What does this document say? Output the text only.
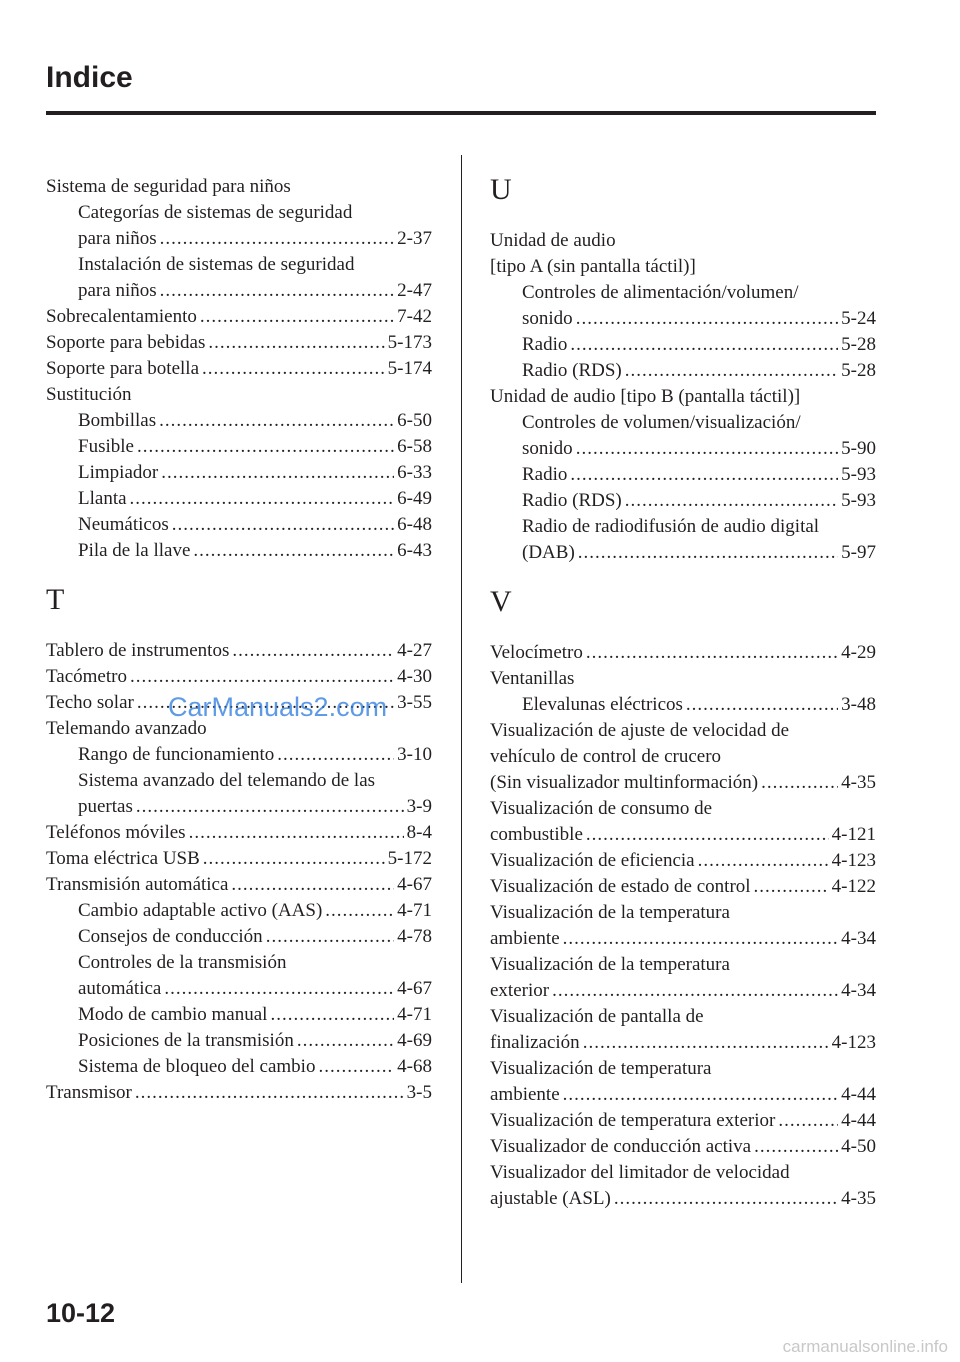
Indice
Sistema de seguridad para niños
Categorías de sistemas de seguridad
para niños .....	2-37
Instalación de sistemas de seguridad
para niños .....	2-47
Sobrecalentamiento .....	7-42
Soporte para bebidas .....	5-173
Soporte para botella .....	5-174
Sustitución
Bombillas .....	6-50
Fusible .....	6-58
Limpiador .....	6-33
Llanta .....	6-49
Neumáticos .....	6-48
Pila de la llave .....	6-43
T
Tablero de instrumentos .....	4-27
Tacómetro .....	4-30
Techo solar .....	3-55
Telemando avanzado
Rango de funcionamiento .....	3-10
Sistema avanzado del telemando de las
puertas .....	3-9
Teléfonos móviles .....	8-4
Toma eléctrica USB .....	5-172
Transmisión automática .....	4-67
Cambio adaptable activo (AAS) .....	4-71
Consejos de conducción .....	4-78
Controles de la transmisión
automática .....	4-67
Modo de cambio manual .....	4-71
Posiciones de la transmisión .....	4-69
Sistema de bloqueo del cambio .....	4-68
Transmisor .....	3-5
U
Unidad de audio
[tipo A (sin pantalla táctil)]
Controles de alimentación/volumen/
sonido .....	5-24
Radio .....	5-28
Radio (RDS) .....	5-28
Unidad de audio [tipo B (pantalla táctil)]
Controles de volumen/visualización/
sonido .....	5-90
Radio .....	5-93
Radio (RDS) .....	5-93
Radio de radiodifusión de audio digital
(DAB) .....	5-97
V
Velocímetro .....	4-29
Ventanillas
Elevalunas eléctricos .....	3-48
Visualización de ajuste de velocidad de
vehículo de control de crucero
(Sin visualizador multinformación) .....	4-35
Visualización de consumo de
combustible .....	4-121
Visualización de eficiencia .....	4-123
Visualización de estado de control .....	4-122
Visualización de la temperatura
ambiente .....	4-34
Visualización de la temperatura
exterior .....	4-34
Visualización de pantalla de
finalización .....	4-123
Visualización de temperatura
ambiente .....	4-44
Visualización de temperatura exterior .....	4-44
Visualizador de conducción activa .....	4-50
Visualizador del limitador de velocidad
ajustable (ASL) .....	4-35

CarManuals2.com

10-12

carmanualsonline.info
